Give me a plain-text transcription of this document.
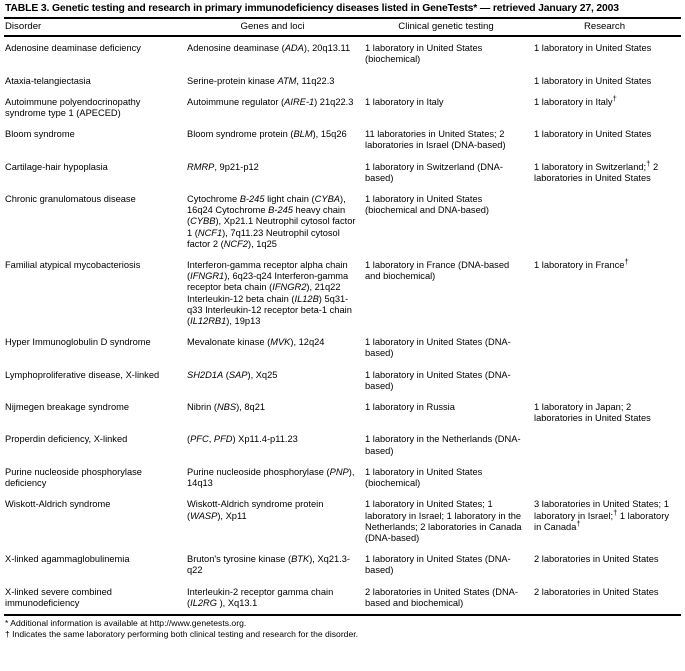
TABLE 3. Genetic testing and research in primary immunodeficiency diseases listed in GeneTests* — retrieved January 27, 2003
Disorder	Genes and loci	Clinical genetic testing	Research
Adenosine deaminase deficiency	Adenosine deaminase (ADA), 20q13.11	1 laboratory in United States (biochemical)	1 laboratory in United States
Ataxia-telangiectasia	Serine-protein kinase ATM, 11q22.3		1 laboratory in United States
Autoimmune polyendocrinopathy syndrome type 1 (APECED)	Autoimmune regulator (AIRE-1) 21q22.3	1 laboratory in Italy	1 laboratory in Italy†
Bloom syndrome	Bloom syndrome protein (BLM), 15q26	11 laboratories in United States; 2 laboratories in Israel (DNA-based)	1 laboratory in United States
Cartilage-hair hypoplasia	RMRP, 9p21-p12	1 laboratory in Switzerland (DNA-based)	1 laboratory in Switzerland;† 2 laboratories in United States
Chronic granulomatous disease	Cytochrome B-245 light chain (CYBA), 16q24 Cytochrome B-245 heavy chain (CYBB), Xp21.1 Neutrophil cytosol factor 1 (NCF1), 7q11.23 Neutrophil cytosol factor 2 (NCF2), 1q25	1 laboratory in United States (biochemical and DNA-based)	
Familial atypical mycobacteriosis	Interferon-gamma receptor alpha chain (IFNGR1), 6q23-q24 Interferon-gamma receptor beta chain (IFNGR2), 21q22 Interleukin-12 beta chain (IL12B) 5q31-q33 Interleukin-12 receptor beta-1 chain (IL12RB1), 19p13	1 laboratory in France (DNA-based and biochemical)	1 laboratory in France†
Hyper Immunoglobulin D syndrome	Mevalonate kinase (MVK), 12q24	1 laboratory in United States (DNA-based)	
Lymphoproliferative disease, X-linked	SH2D1A (SAP), Xq25	1 laboratory in United States (DNA-based)	
Nijmegen breakage syndrome	Nibrin (NBS), 8q21	1 laboratory in Russia	1 laboratory in Japan; 2 laboratories in United States
Properdin deficiency, X-linked	(PFC, PFD) Xp11.4-p11.23	1 laboratory in the Netherlands (DNA-based)	
Purine nucleoside phosphorylase deficiency	Purine nucleoside phosphorylase (PNP), 14q13	1 laboratory in United States (biochemical)	
Wiskott-Aldrich syndrome	Wiskott-Aldrich syndrome protein (WASP), Xp11	1 laboratory in United States; 1 laboratory in Israel; 1 laboratory in the Netherlands; 2 laboratories in Canada (DNA-based)	3 laboratories in United States; 1 laboratory in Israel;† 1 laboratory in Canada†
X-linked agammaglobulinemia	Bruton's tyrosine kinase (BTK), Xq21.3-q22	1 laboratory in United States (DNA-based)	2 laboratories in United States
X-linked severe combined immunodeficiency	Interleukin-2 receptor gamma chain (IL2RG ), Xq13.1	2 laboratories in United States (DNA-based and biochemical)	2 laboratories in United States
* Additional information is available at http://www.genetests.org.
† Indicates the same laboratory performing both clinical testing and research for the disorder.
